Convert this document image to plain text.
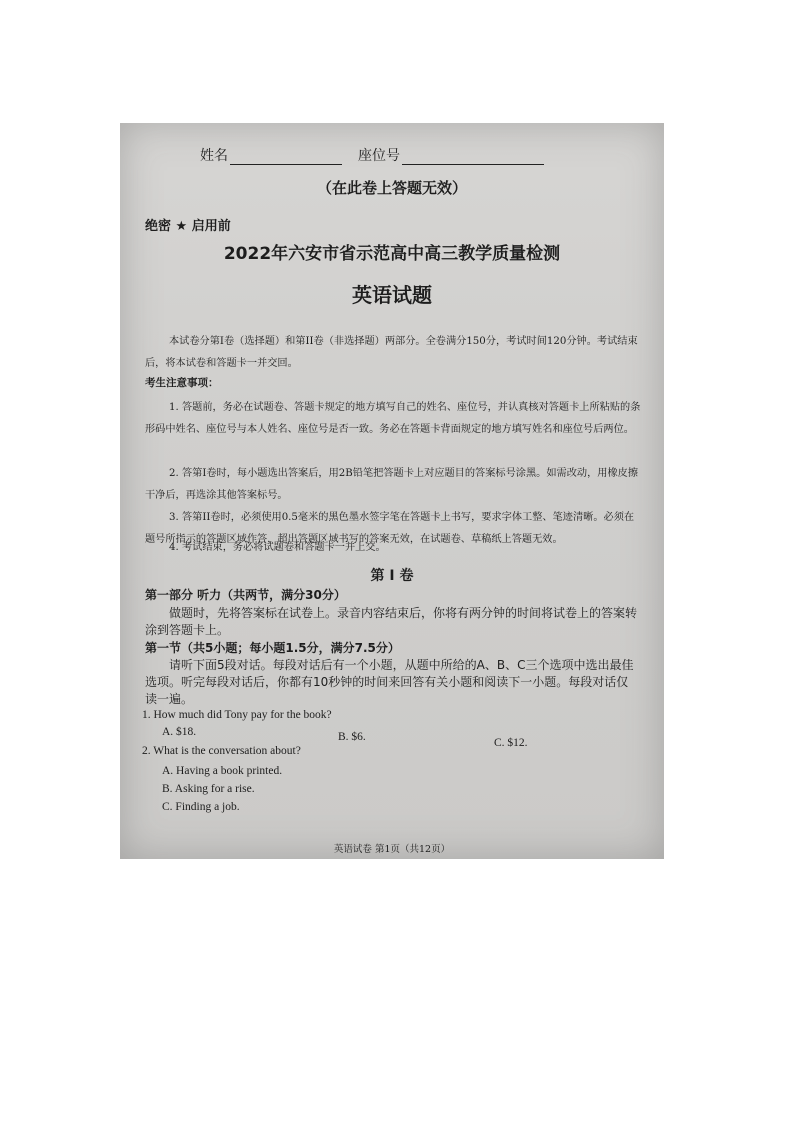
姓名	座位号
（在此卷上答题无效）
绝密 ★ 启用前
2022年六安市省示范高中高三教学质量检测
英语试题
本试卷分第I卷（选择题）和第II卷（非选择题）两部分。全卷满分150分，考试时间120分钟。考试结束后，将本试卷和答题卡一并交回。
考生注意事项：
1. 答题前，务必在试题卷、答题卡规定的地方填写自己的姓名、座位号，并认真核对答题卡上所粘贴的条形码中姓名、座位号与本人姓名、座位号是否一致。务必在答题卡背面规定的地方填写姓名和座位号后两位。
2. 答第I卷时，每小题选出答案后，用2B铅笔把答题卡上对应题目的答案标号涂黑。如需改动，用橡皮擦干净后，再选涂其他答案标号。
3. 答第II卷时，必须使用0.5毫米的黑色墨水签字笔在答题卡上书写，要求字体工整、笔迹清晰。必须在题号所指示的答题区域作答，超出答题区域书写的答案无效，在试题卷、草稿纸上答题无效。
4. 考试结束，务必将试题卷和答题卡一并上交。
第 I 卷
第一部分 听力（共两节，满分30分）
做题时，先将答案标在试卷上。录音内容结束后，你将有两分钟的时间将试卷上的答案转涂到答题卡上。
第一节（共5小题；每小题1.5分，满分7.5分）
请听下面5段对话。每段对话后有一个小题，从题中所给的A、B、C三个选项中选出最佳选项。听完每段对话后，你都有10秒钟的时间来回答有关小题和阅读下一小题。每段对话仅读一遍。
1. How much did Tony pay for the book?
A. $18.	B. $6.	C. $12.
2. What is the conversation about?
A. Having a book printed.
B. Asking for a rise.
C. Finding a job.
英语试卷 第1页（共12页）
